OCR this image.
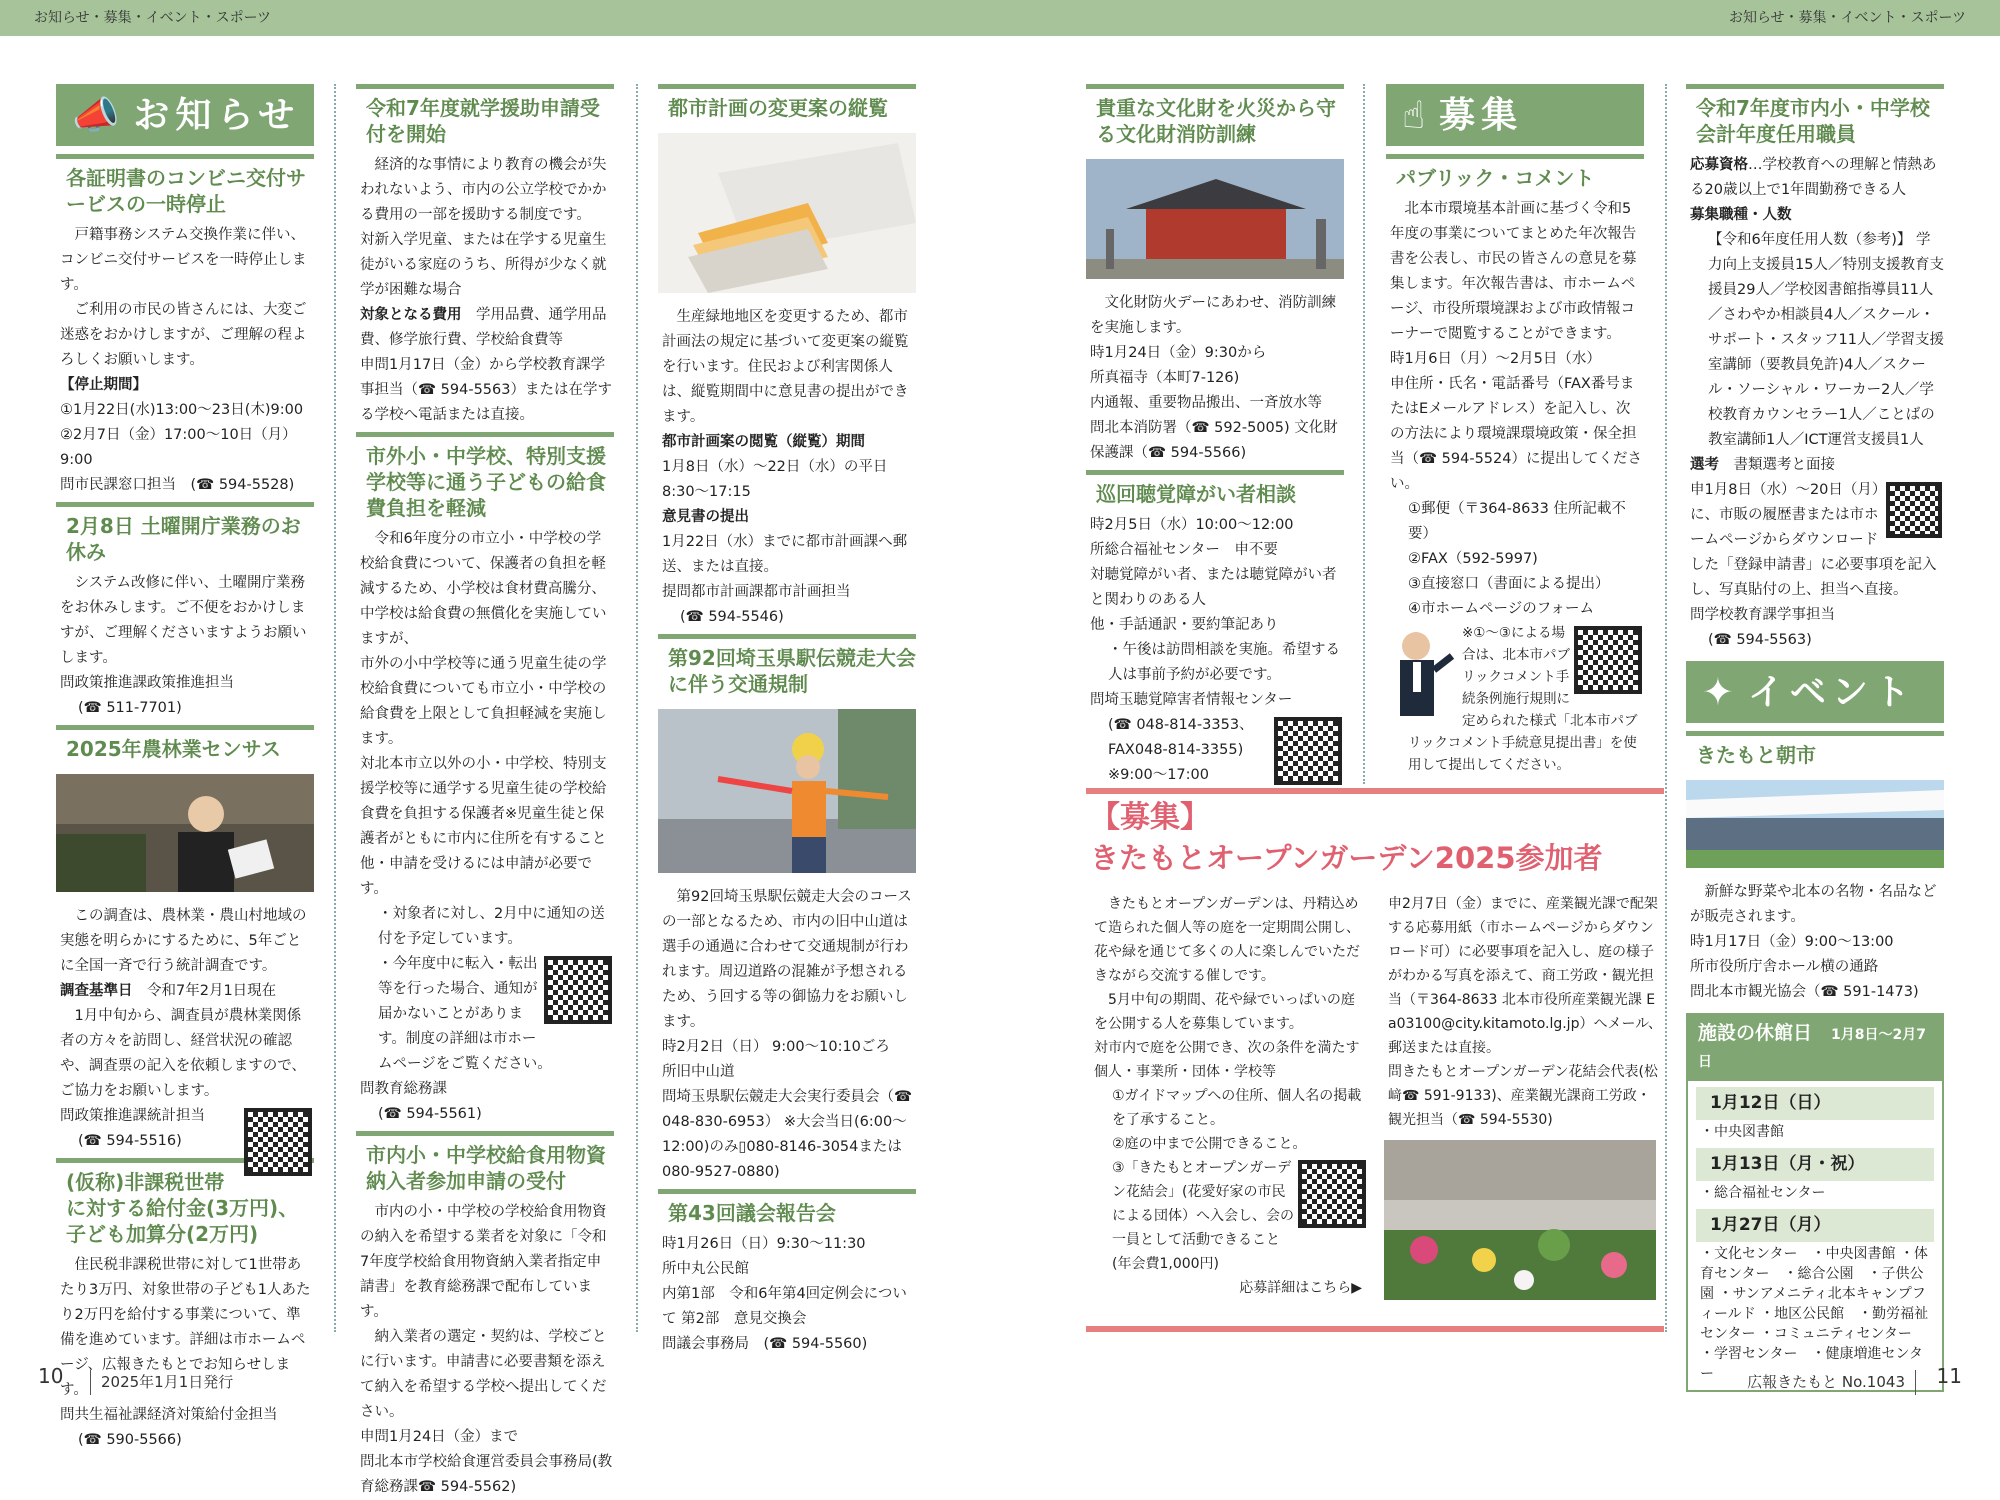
お知らせ・募集・イベント・スポーツ	お知らせ・募集・イベント・スポーツ
📣 お知らせ
各証明書のコンビニ交付サービスの一時停止
戸籍事務システム交換作業に伴い、コンビニ交付サービスを一時停止します。
ご利用の市民の皆さんには、大変ご迷惑をおかけしますが、ご理解の程よろしくお願いします。
【停止期間】
①1月22日(水)13:00～23日(木)9:00
②2月7日（金）17:00～10日（月）9:00
問市民課窓口担当　(☎ 594-5528)
2月8日 土曜開庁業務のお休み
システム改修に伴い、土曜開庁業務をお休みします。ご不便をおかけしますが、ご理解くださいますようお願いします。
問政策推進課政策推進担当
(☎ 511-7701)
2025年農林業センサス
この調査は、農林業・農山村地域の実態を明らかにするために、5年ごとに全国一斉で行う統計調査です。
調査基準日　 令和7年2月1日現在
1月中旬から、調査員が農林業関係者の方々を訪問し、経営状況の確認や、調査票の記入を依頼しますので、ご協力をお願いします。
問政策推進課統計担当
(☎ 594-5516)
(仮称)非課税世帯に対する給付金(3万円)、子ども加算分(2万円)
住民税非課税世帯に対して1世帯あたり3万円、対象世帯の子ども1人あたり2万円を給付する事業について、準備を進めています。詳細は市ホームページ、広報きたもとでお知らせします。
問共生福祉課経済対策給付金担当
(☎ 590-5566)
令和7年度就学援助申請受付を開始
経済的な事情により教育の機会が失われないよう、市内の公立学校でかかる費用の一部を援助する制度です。
対新入学児童、または在学する児童生徒がいる家庭のうち、所得が少なく就学が困難な場合
対象となる費用　 学用品費、通学用品費、修学旅行費、学校給食費等
申問1月17日（金）から学校教育課学事担当（☎ 594-5563）または在学する学校へ電話または直接。
市外小・中学校、特別支援学校等に通う子どもの給食費負担を軽減
令和6年度分の市立小・中学校の学校給食費について、保護者の負担を軽減するため、小学校は食材費高騰分、中学校は給食費の無償化を実施していますが、
市外の小中学校等に通う児童生徒の学校給食費についても市立小・中学校の給食費を上限として負担軽減を実施します。
対北本市立以外の小・中学校、特別支援学校等に通学する児童生徒の学校給食費を負担する保護者※児童生徒と保護者がともに市内に住所を有すること
他・申請を受けるには申請が必要です。
・対象者に対し、2月中に通知の送付を予定しています。
・今年度中に転入・転出等を行った場合、通知が届かないことがあります。制度の詳細は市ホームページをご覧ください。
問教育総務課
(☎ 594-5561)
市内小・中学校給食用物資納入者参加申請の受付
市内の小・中学校の学校給食用物資の納入を希望する業者を対象に「令和7年度学校給食用物資納入業者指定申請書」を教育総務課で配布しています。
納入業者の選定・契約は、学校ごとに行います。申請書に必要書類を添えて納入を希望する学校へ提出してください。
申問1月24日（金）まで
問北本市学校給食運営委員会事務局(教育総務課☎ 594-5562)
都市計画の変更案の縦覧
生産緑地地区を変更するため、都市計画法の規定に基づいて変更案の縦覧を行います。住民および利害関係人は、縦覧期間中に意見書の提出ができます。
都市計画案の閲覧（縦覧）期間
1月8日（水）～22日（水）の平日 8:30～17:15
意見書の提出
1月22日（水）までに都市計画課へ郵送、または直接。
提問都市計画課都市計画担当
(☎ 594-5546)
第92回埼玉県駅伝競走大会に伴う交通規制
第92回埼玉県駅伝競走大会のコースの一部となるため、市内の旧中山道は選手の通過に合わせて交通規制が行われます。周辺道路の混雑が予想されるため、う回する等の御協力をお願いします。
時2月2日（日） 9:00～10:10ごろ
所旧中山道
問埼玉県駅伝競走大会実行委員会（☎ 048-830-6953） ※大会当日(6:00～12:00)のみ▯080-8146-3054または080-9527-0880)
第43回議会報告会
時1月26日（日）9:30～11:30
所中丸公民館
内第1部　令和6年第4回定例会について 第2部　意見交換会
問議会事務局　(☎ 594-5560)
貴重な文化財を火災から守る文化財消防訓練
文化財防火デーにあわせ、消防訓練を実施します。
時1月24日（金）9:30から
所真福寺（本町7-126)
内通報、重要物品搬出、一斉放水等
問北本消防署（☎ 592-5005) 文化財保護課（☎ 594-5566)
巡回聴覚障がい者相談
時2月5日（水）10:00～12:00
所総合福祉センター　申不要
対聴覚障がい者、または聴覚障がい者と関わりのある人
他・手話通訳・要約筆記あり
・午後は訪問相談を実施。希望する人は事前予約が必要です。
問埼玉聴覚障害者情報センター
(☎ 048-814-3353、
FAX048-814-3355)
※9:00～17:00
☝ 募集
パブリック・コメント
北本市環境基本計画に基づく令和5年度の事業についてまとめた年次報告書を公表し、市民の皆さんの意見を募集します。年次報告書は、市ホームページ、市役所環境課および市政情報コーナーで閲覧することができます。
時1月6日（月）～2月5日（水）
申住所・氏名・電話番号（FAX番号またはEメールアドレス）を記入し、次の方法により環境課環境政策・保全担当（☎ 594-5524）に提出してください。
①郵便（〒364-8633 住所記載不要）
②FAX（592-5997)
③直接窓口（書面による提出）
④市ホームページのフォーム
※①～③による場合は、北本市パブリックコメント手続条例施行規則に定められた様式「北本市パブリックコメント手続意見提出書」を使用して提出してください。
令和7年度市内小・中学校会計年度任用職員
応募資格…学校教育への理解と情熱ある20歳以上で1年間勤務できる人
募集職種・人数
【令和6年度任用人数（参考)】 学力向上支援員15人／特別支援教育支援員29人／学校図書館指導員11人／さわやか相談員4人／スクール・サポート・スタッフ11人／学習支援室講師（要教員免許)4人／スクール・ソーシャル・ワーカー2人／学校教育カウンセラー1人／ことばの教室講師1人／ICT運営支援員1人
選考　 書類選考と面接
申1月8日（水）～20日（月）に、市販の履歴書または市ホームページからダウンロードした「登録申請書」に必要事項を記入し、写真貼付の上、担当へ直接。
問学校教育課学事担当
(☎ 594-5563)
✦ イベント
きたもと朝市
新鮮な野菜や北本の名物・名品などが販売されます。
時1月17日（金）9:00～13:00
所市役所庁舎ホール横の通路
問北本市観光協会（☎ 591-1473)
施設の休館日　 1月8日～2月7日
1月12日（日）
・中央図書館
1月13日（月・祝）
・総合福祉センター
1月27日（月）
・文化センター　・中央図書館 ・体育センター　・総合公園　・子供公園 ・サンアメニティ北本キャンプフィールド ・地区公民館　・勤労福祉センター ・コミュニティセンター ・学習センター　・健康増進センター
【募集】
きたもとオープンガーデン2025参加者
きたもとオープンガーデンは、丹精込めて造られた個人等の庭を一定期間公開し、花や緑を通じて多くの人に楽しんでいただきながら交流する催しです。
5月中旬の期間、花や緑でいっぱいの庭を公開する人を募集しています。
対市内で庭を公開でき、次の条件を満たす個人・事業所・団体・学校等
①ガイドマップへの住所、個人名の掲載を了承すること。
②庭の中まで公開できること。
③「きたもとオープンガーデン花結会」(花愛好家の市民による団体）へ入会し、会の一員として活動できること(年会費1,000円)
応募詳細はこちら▶
申2月7日（金）までに、産業観光課で配架する応募用紙（市ホームページからダウンロード可）に必要事項を記入し、庭の様子がわかる写真を添えて、商工労政・観光担当（〒364-8633 北本市役所産業観光課 E a03100@city.kitamoto.lg.jp）へメール、郵送または直接。
問きたもとオープンガーデン花結会代表(松﨑☎ 591-9133)、産業観光課商工労政・観光担当（☎ 594-5530)
10	2025年1月1日発行	広報きたもと No.1043	11
